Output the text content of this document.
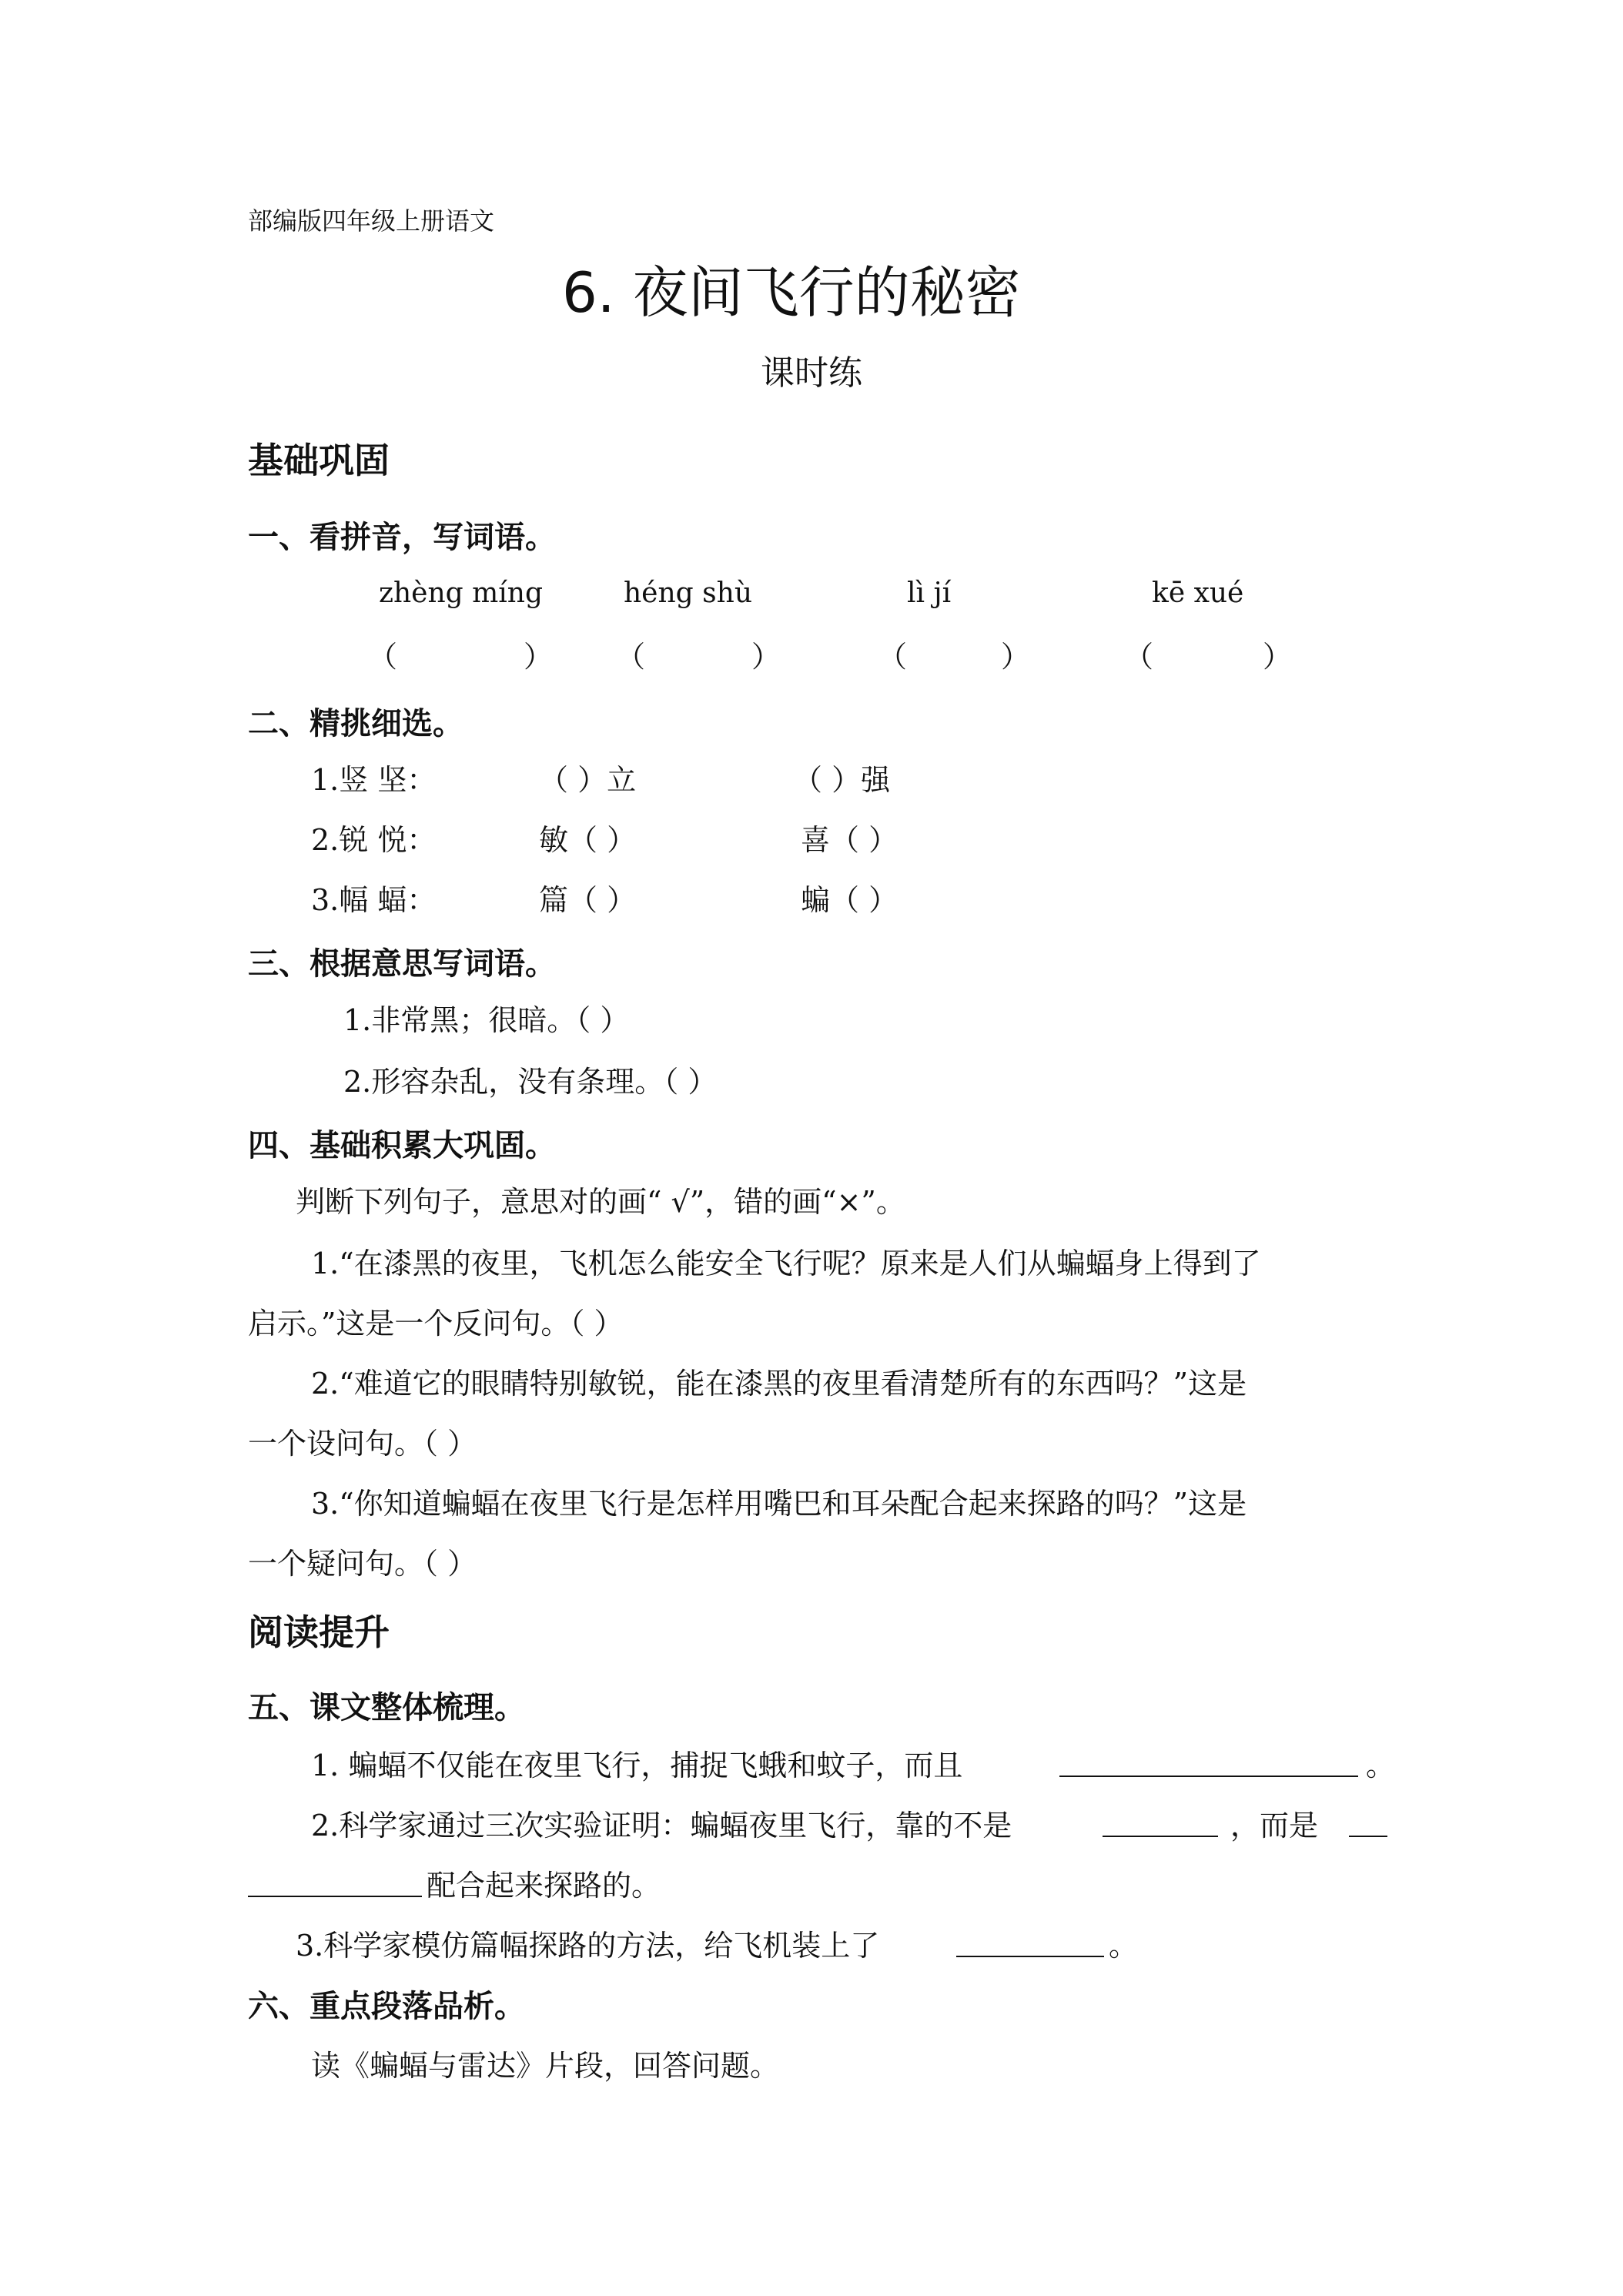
部编版四年级上册语文
6. 夜间飞行的秘密
课时练
基础巩固
一、看拼音，写词语。
zhèng míng	héng shù	lì jí	kē xué
（	） （	）	（	）	（	）
二、精挑细选。
1.竖 坚：	（ ）立	（ ）强
2.锐 悦：	敏（ ）	喜（ ）
3.幅 蝠：	篇（ ）	蝙（ ）
三、根据意思写词语。
1.非常黑；很暗。（ ）
2.形容杂乱，没有条理。（ ）
四、基础积累大巩固。
判断下列句子，意思对的画“ √”，错的画“×”。
1.“在漆黑的夜里，飞机怎么能安全飞行呢？原来是人们从蝙蝠身上得到了
启示。”这是一个反问句。（ ）
2.“难道它的眼睛特别敏锐，能在漆黑的夜里看清楚所有的东西吗？”这是
一个设问句。（ ）
3.“你知道蝙蝠在夜里飞行是怎样用嘴巴和耳朵配合起来探路的吗？”这是
一个疑问句。（ ）
阅读提升
五、课文整体梳理。
1. 蝙蝠不仅能在夜里飞行，捕捉飞蛾和蚊子，而且	。
2.科学家通过三次实验证明：蝙蝠夜里飞行，靠的不是	，而是
配合起来探路的。
3.科学家模仿篇幅探路的方法，给飞机装上了	。
六、重点段落品析。
读《蝙蝠与雷达》片段，回答问题。
